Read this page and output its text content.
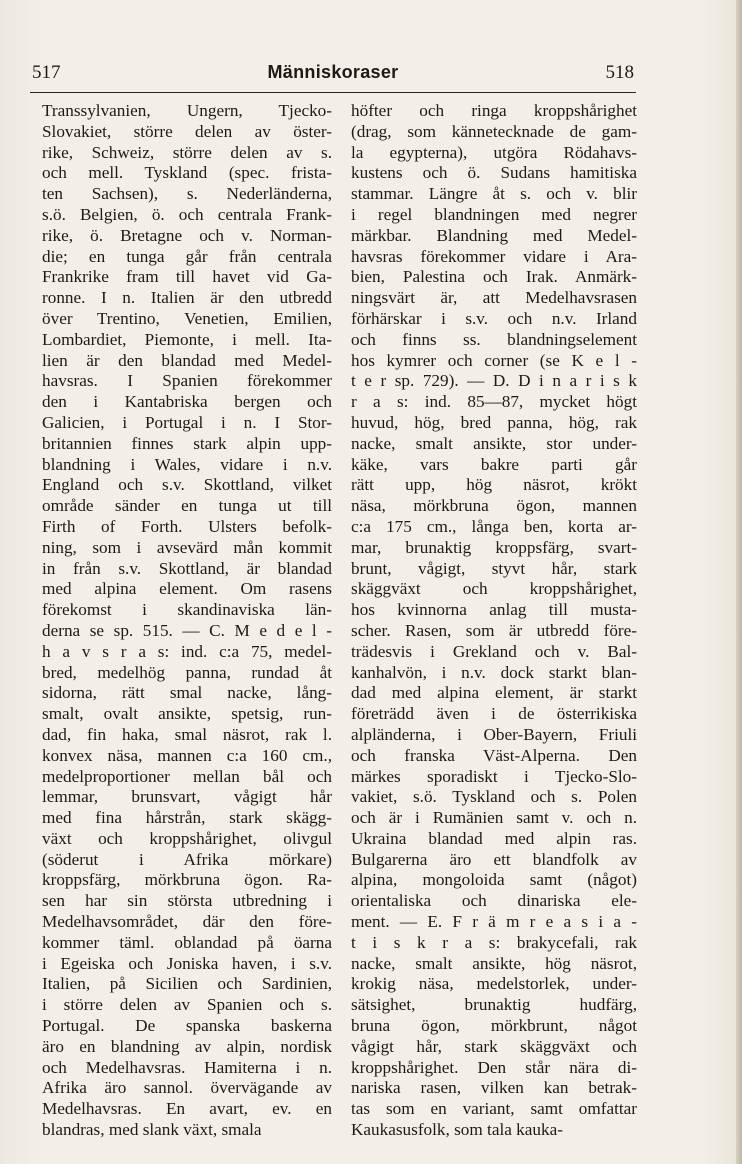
517	Människoraser	518
Transsylvanien, Ungern, Tjecko-
Slovakiet, större delen av öster-
rike, Schweiz, större delen av s.
och mell. Tyskland (spec. frista-
ten Sachsen), s. Nederländerna,
s.ö. Belgien, ö. och centrala Frank-
rike, ö. Bretagne och v. Norman-
die; en tunga går från centrala
Frankrike fram till havet vid Ga-
ronne. I n. Italien är den utbredd
över Trentino, Venetien, Emilien,
Lombardiet, Piemonte, i mell. Ita-
lien är den blandad med Medel-
havsras. I Spanien förekommer
den i Kantabriska bergen och
Galicien, i Portugal i n. I Stor-
britannien finnes stark alpin upp-
blandning i Wales, vidare i n.v.
England och s.v. Skottland, vilket
område sänder en tunga ut till
Firth of Forth. Ulsters befolk-
ning, som i avsevärd mån kommit
in från s.v. Skottland, är blandad
med alpina element. Om rasens
förekomst i skandinaviska län-
derna se sp. 515. — C. M e d e l -
h a v s r a s: ind. c:a 75, medel-
bred, medelhög panna, rundad åt
sidorna, rätt smal nacke, lång-
smalt, ovalt ansikte, spetsig, run-
dad, fin haka, smal näsrot, rak l.
konvex näsa, mannen c:a 160 cm.,
medelproportioner mellan bål och
lemmar, brunsvart, vågigt hår
med fina hårstrån, stark skägg-
växt och kroppshårighet, olivgul
(söderut i Afrika mörkare)
kroppsfärg, mörkbruna ögon. Ra-
sen har sin största utbredning i
Medelhavsområdet, där den före-
kommer täml. oblandad på öarna
i Egeiska och Joniska haven, i s.v.
Italien, på Sicilien och Sardinien,
i större delen av Spanien och s.
Portugal. De spanska baskerna
äro en blandning av alpin, nordisk
och Medelhavsras. Hamiterna i n.
Afrika äro sannol. övervägande av
Medelhavsras. En avart, ev. en
blandras, med slank växt, smala
höfter och ringa kroppshårighet
(drag, som kännetecknade de gam-
la egypterna), utgöra Rödahavs-
kustens och ö. Sudans hamitiska
stammar. Längre åt s. och v. blir
i regel blandningen med negrer
märkbar. Blandning med Medel-
havsras förekommer vidare i Ara-
bien, Palestina och Irak. Anmärk-
ningsvärt är, att Medelhavsrasen
förhärskar i s.v. och n.v. Irland
och finns ss. blandningselement
hos kymrer och corner (se K e l -
t e r sp. 729). — D. D i n a r i s k
r a s: ind. 85—87, mycket högt
huvud, hög, bred panna, hög, rak
nacke, smalt ansikte, stor under-
käke, vars bakre parti går
rätt upp, hög näsrot, krökt
näsa, mörkbruna ögon, mannen
c:a 175 cm., långa ben, korta ar-
mar, brunaktig kroppsfärg, svart-
brunt, vågigt, styvt hår, stark
skäggväxt och kroppshårighet,
hos kvinnorna anlag till musta-
scher. Rasen, som är utbredd före-
trädesvis i Grekland och v. Bal-
kanhalvön, i n.v. dock starkt blan-
dad med alpina element, är starkt
företrädd även i de österrikiska
alpländerna, i Ober-Bayern, Friuli
och franska Väst-Alperna. Den
märkes sporadiskt i Tjecko-Slo-
vakiet, s.ö. Tyskland och s. Polen
och är i Rumänien samt v. och n.
Ukraina blandad med alpin ras.
Bulgarerna äro ett blandfolk av
alpina, mongoloida samt (något)
orientaliska och dinariska ele-
ment. — E. F r ä m r e a s i a -
t i s k r a s: brakycefali, rak
nacke, smalt ansikte, hög näsrot,
krokig näsa, medelstorlek, under-
sätsighet, brunaktig hudfärg,
bruna ögon, mörkbrunt, något
vågigt hår, stark skäggväxt och
kroppshårighet. Den står nära di-
nariska rasen, vilken kan betrak-
tas som en variant, samt omfattar
Kaukasusfolk, som tala kauka-
